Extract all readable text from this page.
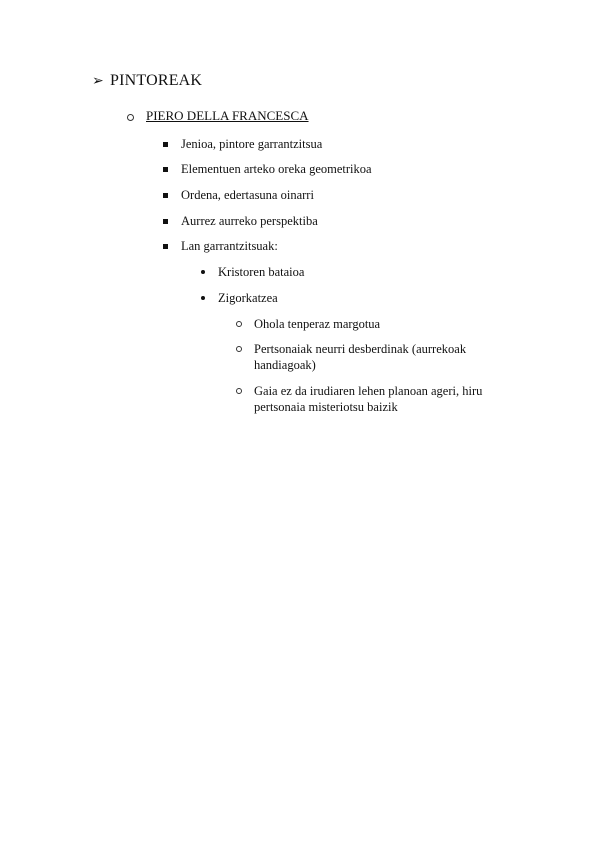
➢ PINTOREAK
PIERO DELLA FRANCESCA
Jenioa, pintore garrantzitsua
Elementuen arteko oreka geometrikoa
Ordena, edertasuna oinarri
Aurrez aurreko perspektiba
Lan garrantzitsuak:
Kristoren bataioa
Zigorkatzea
Ohola tenperaz margotua
Pertsonaiak neurri desberdinak (aurrekoak handiagoak)
Gaia ez da irudiaren lehen planoan ageri, hiru pertsonaia misteriotsu baizik
